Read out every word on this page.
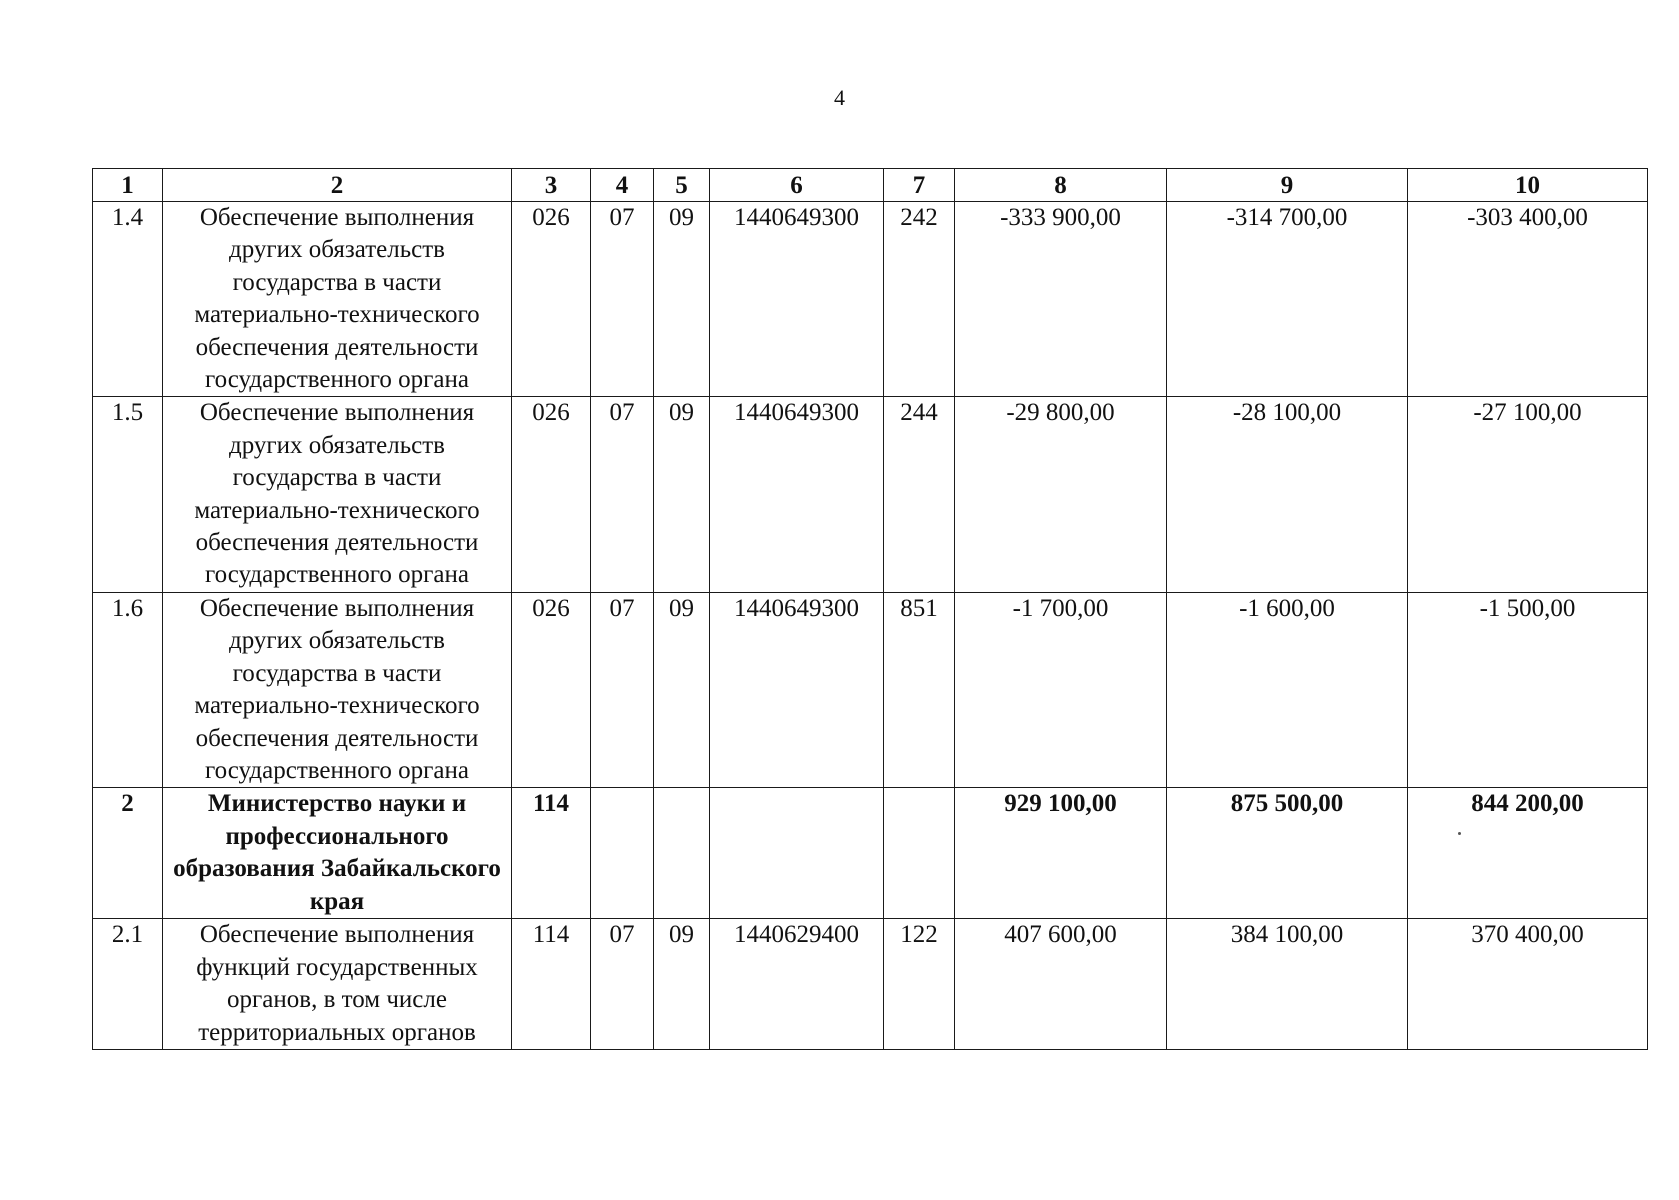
4
1	2	3	4	5	6	7	8	9	10
1.4	Обеспечение выполнения других обязательств государства в части материально-технического обеспечения деятельности государственного органа	026	07	09	1440649300	242	-333 900,00	-314 700,00	-303 400,00
1.5	Обеспечение выполнения других обязательств государства в части материально-технического обеспечения деятельности государственного органа	026	07	09	1440649300	244	-29 800,00	-28 100,00	-27 100,00
1.6	Обеспечение выполнения других обязательств государства в части материально-технического обеспечения деятельности государственного органа	026	07	09	1440649300	851	-1 700,00	-1 600,00	-1 500,00
2	Министерство науки и профессионального образования Забайкальского края	114					929 100,00	875 500,00	844 200,00
2.1	Обеспечение выполнения функций государственных органов, в том числе территориальных органов	114	07	09	1440629400	122	407 600,00	384 100,00	370 400,00
